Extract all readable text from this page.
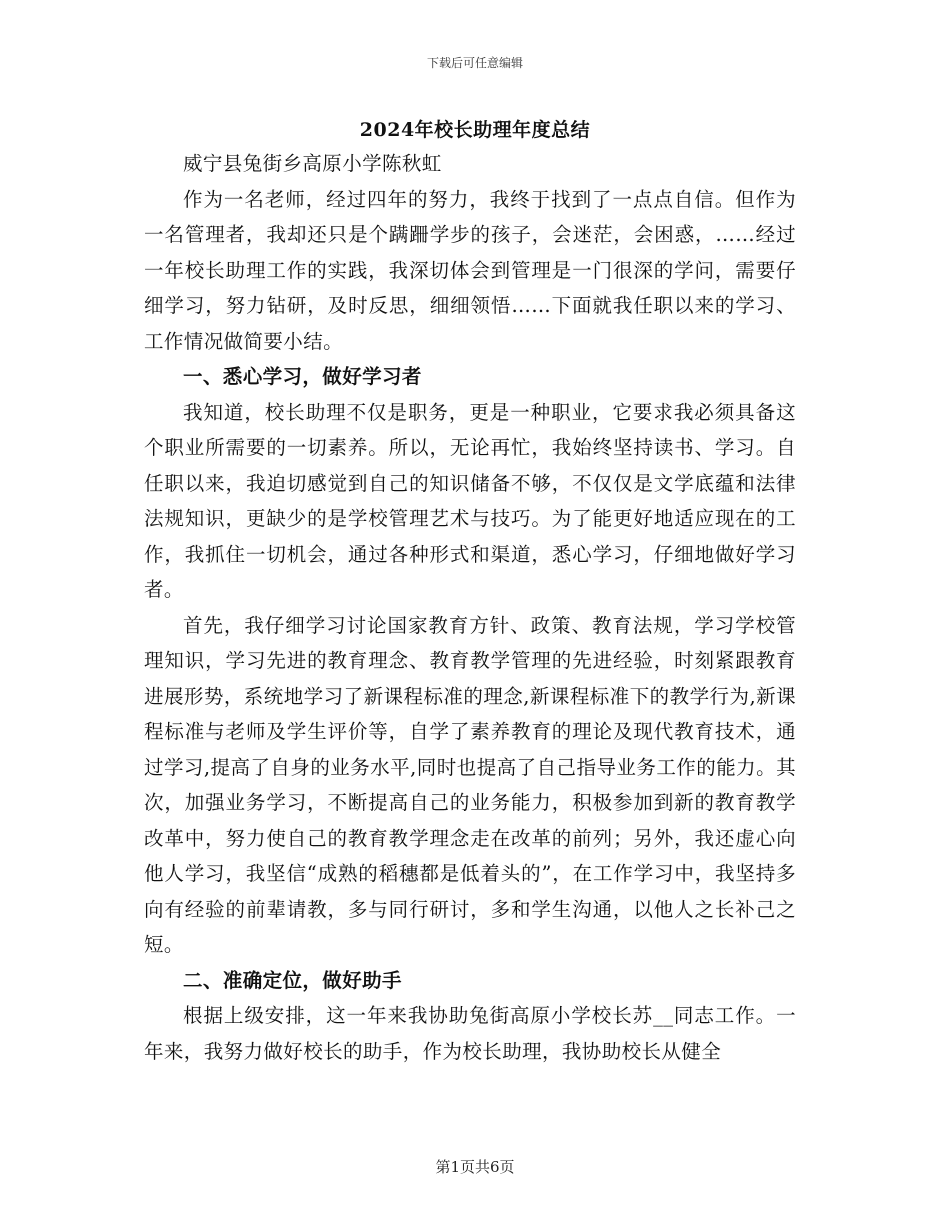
下载后可任意编辑
2024年校长助理年度总结

威宁县兔街乡高原小学陈秋虹

作为一名老师，经过四年的努力，我终于找到了一点点自信。但作为一名管理者，我却还只是个蹒跚学步的孩子，会迷茫，会困惑，……经过一年校长助理工作的实践，我深切体会到管理是一门很深的学问，需要仔细学习，努力钻研，及时反思，细细领悟……下面就我任职以来的学习、工作情况做简要小结。

一、悉心学习，做好学习者

我知道，校长助理不仅是职务，更是一种职业，它要求我必须具备这个职业所需要的一切素养。所以，无论再忙，我始终坚持读书、学习。自任职以来，我迫切感觉到自己的知识储备不够，不仅仅是文学底蕴和法律法规知识，更缺少的是学校管理艺术与技巧。为了能更好地适应现在的工作，我抓住一切机会，通过各种形式和渠道，悉心学习，仔细地做好学习者。

首先，我仔细学习讨论国家教育方针、政策、教育法规，学习学校管理知识，学习先进的教育理念、教育教学管理的先进经验，时刻紧跟教育进展形势，系统地学习了新课程标准的理念,新课程标准下的教学行为,新课程标准与老师及学生评价等，自学了素养教育的理论及现代教育技术，通过学习,提高了自身的业务水平,同时也提高了自己指导业务工作的能力。其次，加强业务学习，不断提高自己的业务能力，积极参加到新的教育教学改革中，努力使自己的教育教学理念走在改革的前列；另外，我还虚心向他人学习，我坚信“成熟的稻穗都是低着头的”，在工作学习中，我坚持多向有经验的前辈请教，多与同行研讨，多和学生沟通，以他人之长补己之短。

二、准确定位，做好助手

根据上级安排，这一年来我协助兔街高原小学校长苏__同志工作。一年来，我努力做好校长的助手，作为校长助理，我协助校长从健全

第1页共6页
